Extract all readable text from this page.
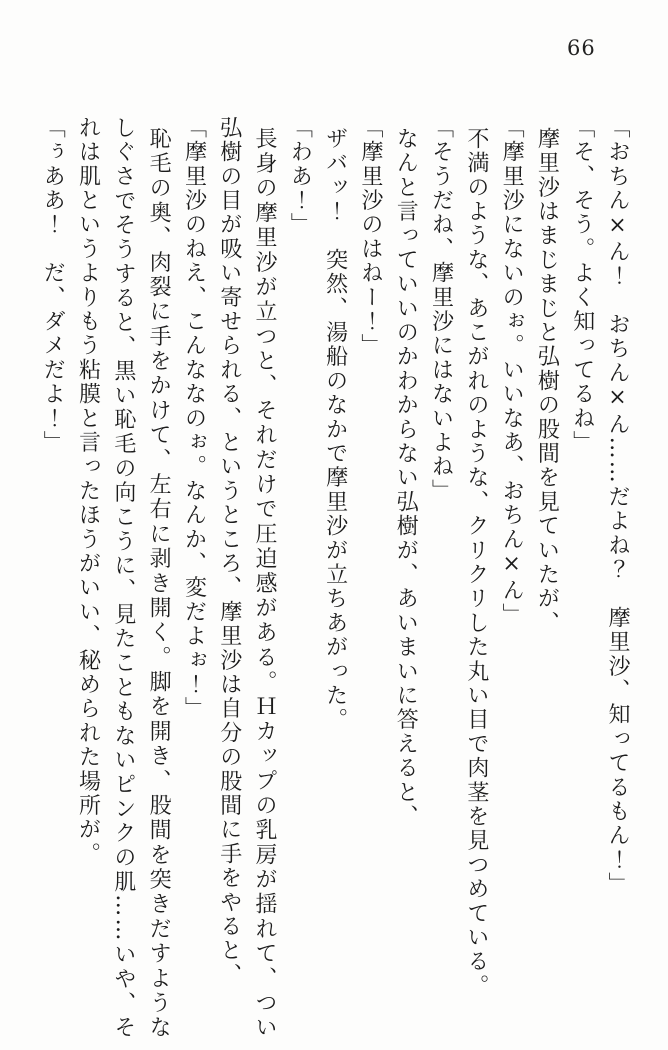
66

「おちん×ん！　おちん×ん……だよね？　摩里沙、知ってるもん！」

「そ、そう。よく知ってるね」

摩里沙はまじまじと弘樹の股間を見ていたが、

「摩里沙にないのぉ。いいなあ、おちん×ん」

不満のような、あこがれのような、クリクリした丸い目で肉茎を見つめている。

「そうだね、摩里沙にはないよね」

なんと言っていいのかわからない弘樹が、あいまいに答えると、

「摩里沙のはねー！」

ザバッ！　突然、湯船のなかで摩里沙が立ちあがった。

「わあ！」

長身の摩里沙が立つと、それだけで圧迫感がある。Ｈカップの乳房が揺れて、つい弘樹の目が吸い寄せられる、というところ、摩里沙は自分の股間に手をやると、

「摩里沙のねえ、こんななのぉ。なんか、変だよぉ！」

恥毛の奥、肉裂に手をかけて、左右に剥き開く。脚を開き、股間を突きだすようなしぐさでそうすると、黒い恥毛の向こうに、見たこともないピンクの肌……いや、それは肌というよりもう粘膜と言ったほうがいい、秘められた場所が。

「ぅああ！　だ、ダメだよ！」
